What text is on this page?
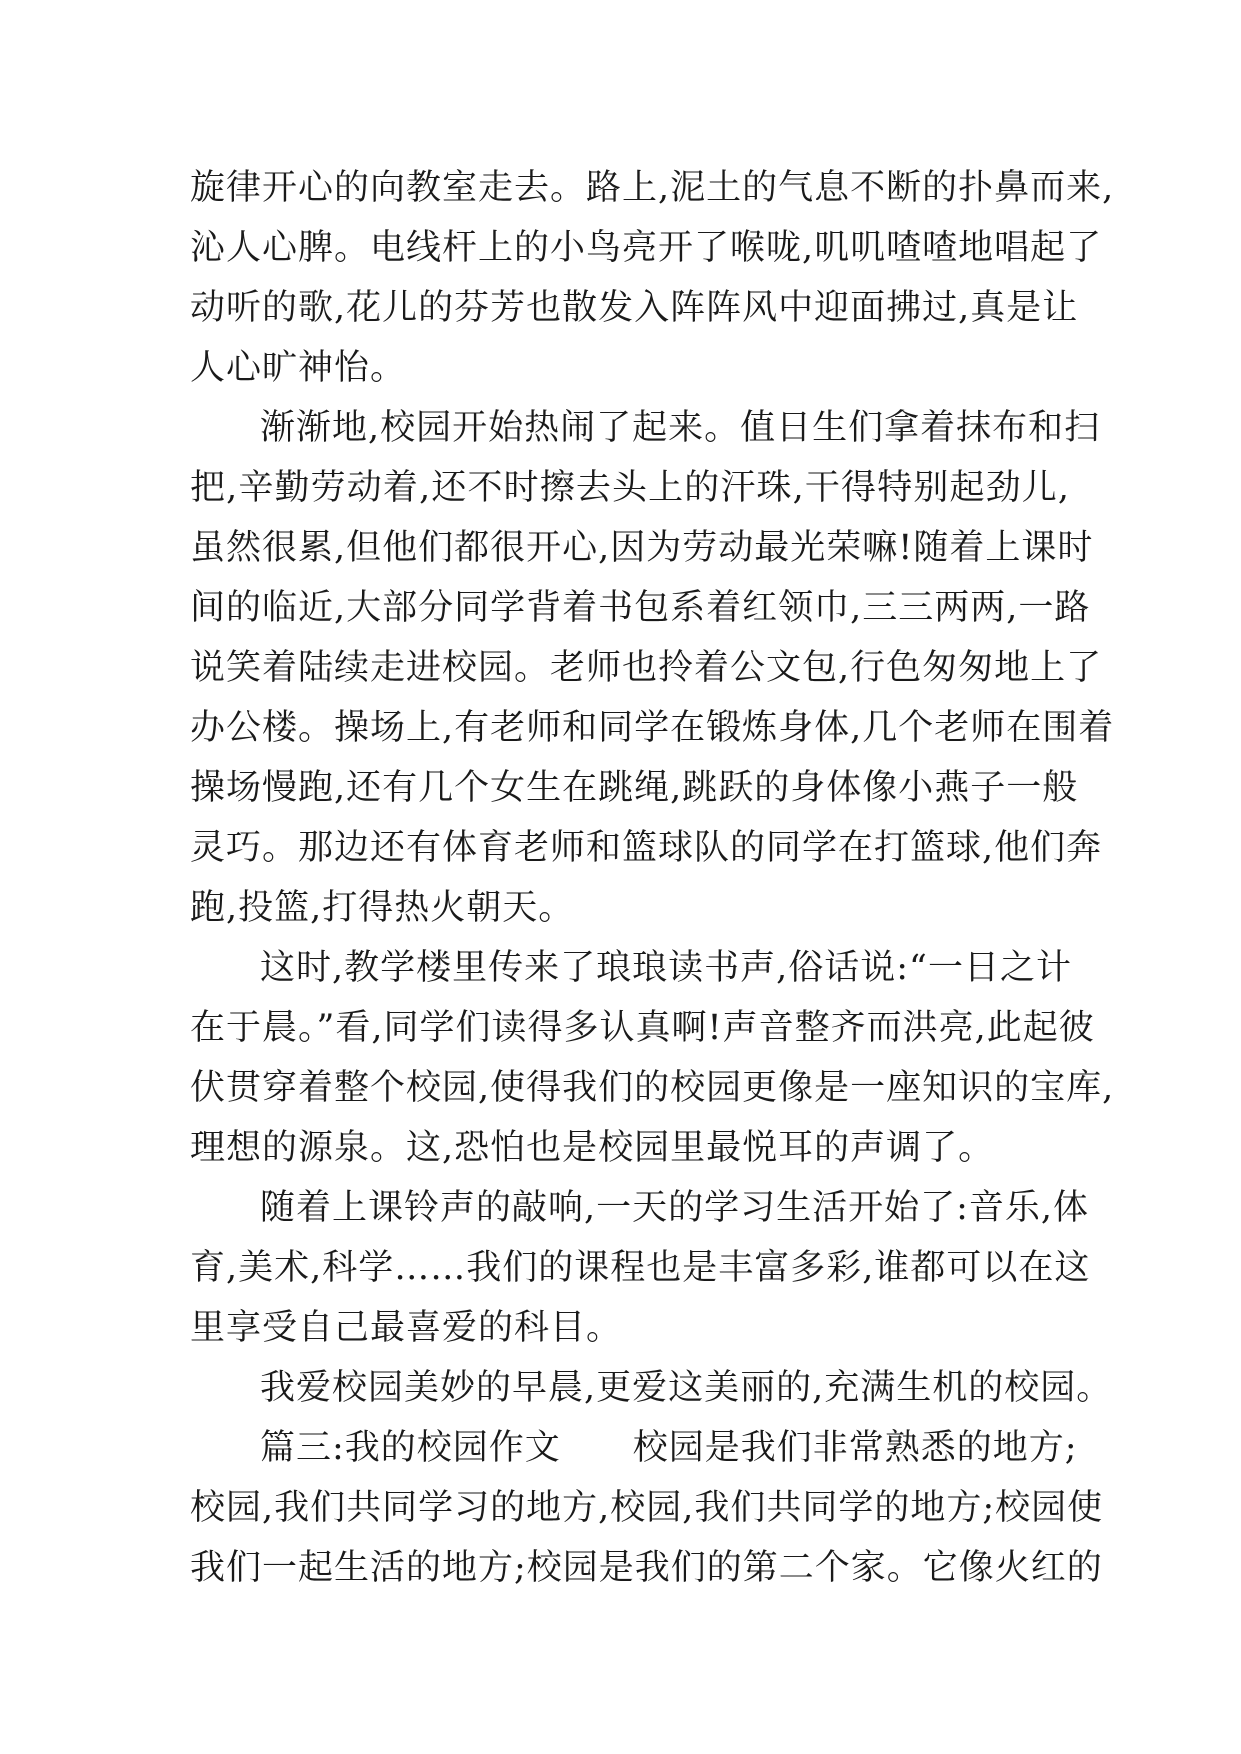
旋律开心的向教室走去。路上,泥土的气息不断的扑鼻而来,
沁人心脾。电线杆上的小鸟亮开了喉咙,叽叽喳喳地唱起了
动听的歌,花儿的芬芳也散发入阵阵风中迎面拂过,真是让
人心旷神怡。
渐渐地,校园开始热闹了起来。值日生们拿着抹布和扫
把,辛勤劳动着,还不时擦去头上的汗珠,干得特别起劲儿,
虽然很累,但他们都很开心,因为劳动最光荣嘛!随着上课时
间的临近,大部分同学背着书包系着红领巾,三三两两,一路
说笑着陆续走进校园。老师也拎着公文包,行色匆匆地上了
办公楼。操场上,有老师和同学在锻炼身体,几个老师在围着
操场慢跑,还有几个女生在跳绳,跳跃的身体像小燕子一般
灵巧。那边还有体育老师和篮球队的同学在打篮球,他们奔
跑,投篮,打得热火朝天。
这时,教学楼里传来了琅琅读书声,俗话说:“一日之计
在于晨。”看,同学们读得多认真啊!声音整齐而洪亮,此起彼
伏贯穿着整个校园,使得我们的校园更像是一座知识的宝库,
理想的源泉。这,恐怕也是校园里最悦耳的声调了。
随着上课铃声的敲响,一天的学习生活开始了:音乐,体
育,美术,科学……我们的课程也是丰富多彩,谁都可以在这
里享受自己最喜爱的科目。
我爱校园美妙的早晨,更爱这美丽的,充满生机的校园。
篇三:我的校园作文　　校园是我们非常熟悉的地方;
校园,我们共同学习的地方,校园,我们共同学的地方;校园使
我们一起生活的地方;校园是我们的第二个家。它像火红的
